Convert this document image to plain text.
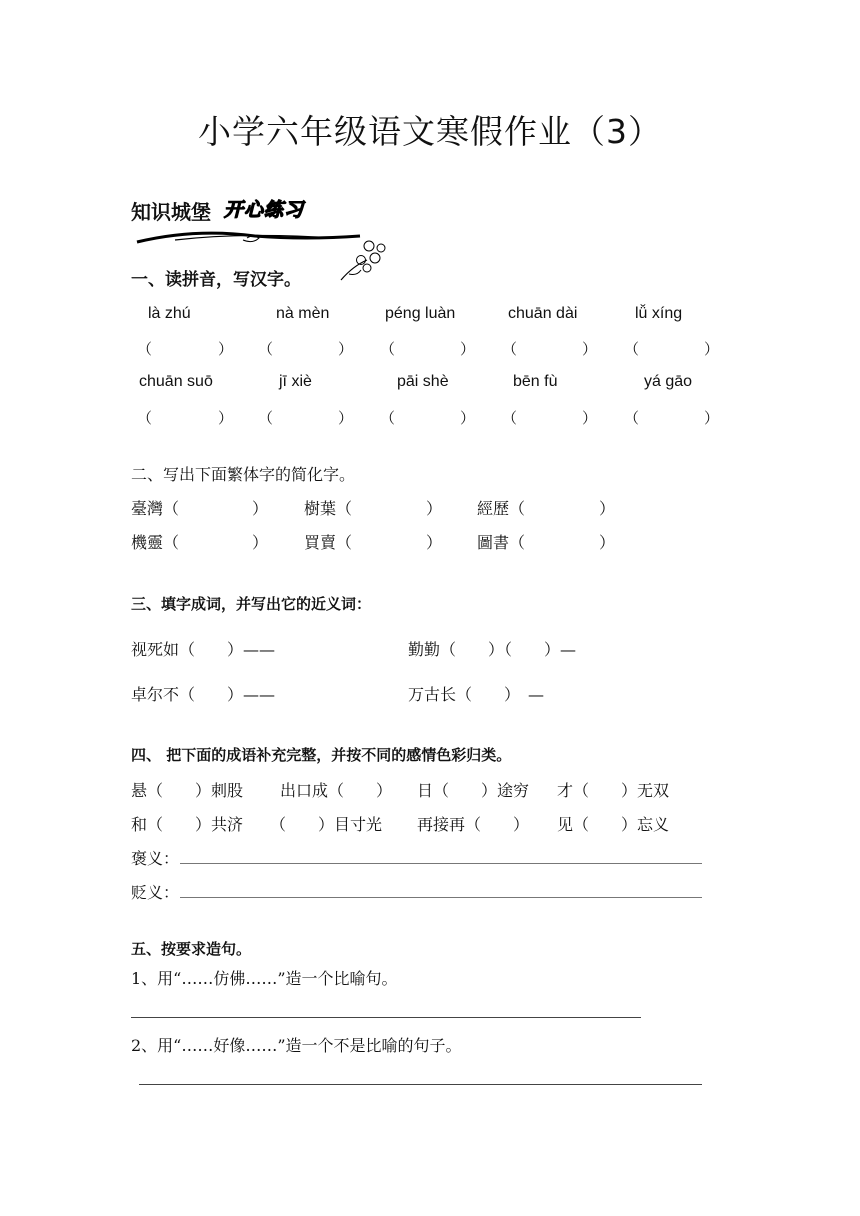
小学六年级语文寒假作业（3）
知识城堡 开心练习
一、读拼音，写汉字。
là zhú	nà mèn	péng luàn	chuān dài	lǚ xíng
（	） （	） （	） （	） （	）
chuān suō	jī xiè	pāi shè	bēn fù	yá gāo
（	） （	） （	） （	） （	）
二、写出下面繁体字的简化字。
臺灣（	） 樹葉（	） 經歷（	）
機靈（	） 買賣（	） 圖書（	）
三、填字成词，并写出它的近义词：
视死如（　　）——	勤勤（　　）（　　）—
卓尔不（　　）——	万古长（　　）　—
四、 把下面的成语补充完整，并按不同的感情色彩归类。
悬（　　）刺股 出口成（　　） 日（　　）途穷 才（　　）无双
和（　　）共济 （　　）目寸光 再接再（　　） 见（　　）忘义
褒义：
贬义：
五、按要求造句。
1、用“……仿佛……”造一个比喻句。
2、用“……好像……”造一个不是比喻的句子。
